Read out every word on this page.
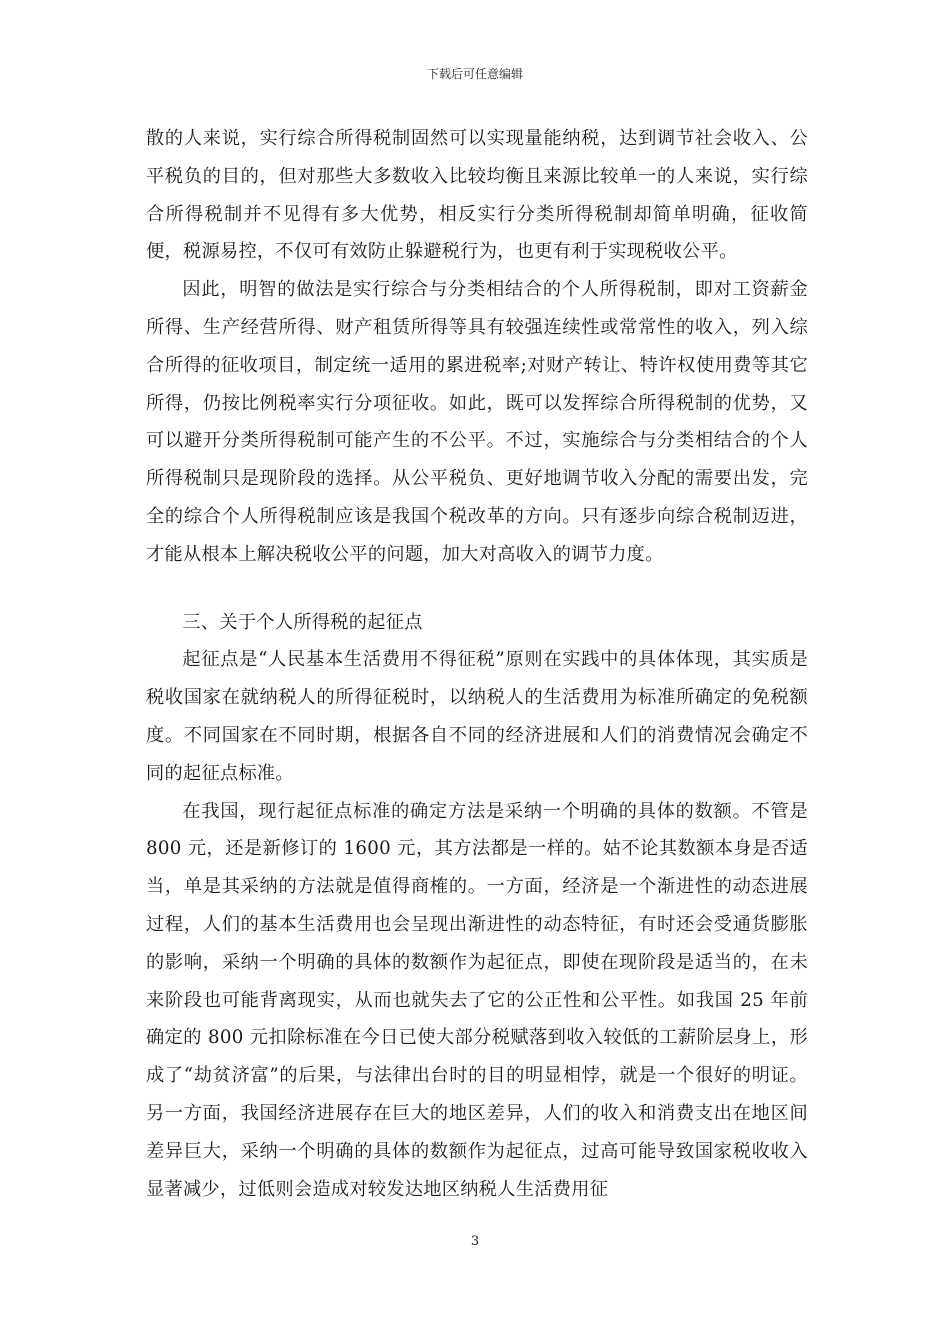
下载后可任意编辑

散的人来说，实行综合所得税制固然可以实现量能纳税，达到调节社会收入、公平税负的目的，但对那些大多数收入比较均衡且来源比较单一的人来说，实行综合所得税制并不见得有多大优势，相反实行分类所得税制却简单明确，征收简便，税源易控，不仅可有效防止躲避税行为，也更有利于实现税收公平。

因此，明智的做法是实行综合与分类相结合的个人所得税制，即对工资薪金所得、生产经营所得、财产租赁所得等具有较强连续性或常常性的收入，列入综合所得的征收项目，制定统一适用的累进税率;对财产转让、特许权使用费等其它所得，仍按比例税率实行分项征收。如此，既可以发挥综合所得税制的优势，又可以避开分类所得税制可能产生的不公平。不过，实施综合与分类相结合的个人所得税制只是现阶段的选择。从公平税负、更好地调节收入分配的需要出发，完全的综合个人所得税制应该是我国个税改革的方向。只有逐步向综合税制迈进，才能从根本上解决税收公平的问题，加大对高收入的调节力度。

三、关于个人所得税的起征点

起征点是“人民基本生活费用不得征税”原则在实践中的具体体现，其实质是税收国家在就纳税人的所得征税时，以纳税人的生活费用为标准所确定的免税额度。不同国家在不同时期，根据各自不同的经济进展和人们的消费情况会确定不同的起征点标准。

在我国，现行起征点标准的确定方法是采纳一个明确的具体的数额。不管是 800 元，还是新修订的 1600 元，其方法都是一样的。姑不论其数额本身是否适当，单是其采纳的方法就是值得商榷的。一方面，经济是一个渐进性的动态进展过程，人们的基本生活费用也会呈现出渐进性的动态特征，有时还会受通货膨胀的影响，采纳一个明确的具体的数额作为起征点，即使在现阶段是适当的，在未来阶段也可能背离现实，从而也就失去了它的公正性和公平性。如我国 25 年前确定的 800 元扣除标准在今日已使大部分税赋落到收入较低的工薪阶层身上，形成了“劫贫济富”的后果，与法律出台时的目的明显相悖，就是一个很好的明证。另一方面，我国经济进展存在巨大的地区差异，人们的收入和消费支出在地区间差异巨大，采纳一个明确的具体的数额作为起征点，过高可能导致国家税收收入显著减少，过低则会造成对较发达地区纳税人生活费用征

3
